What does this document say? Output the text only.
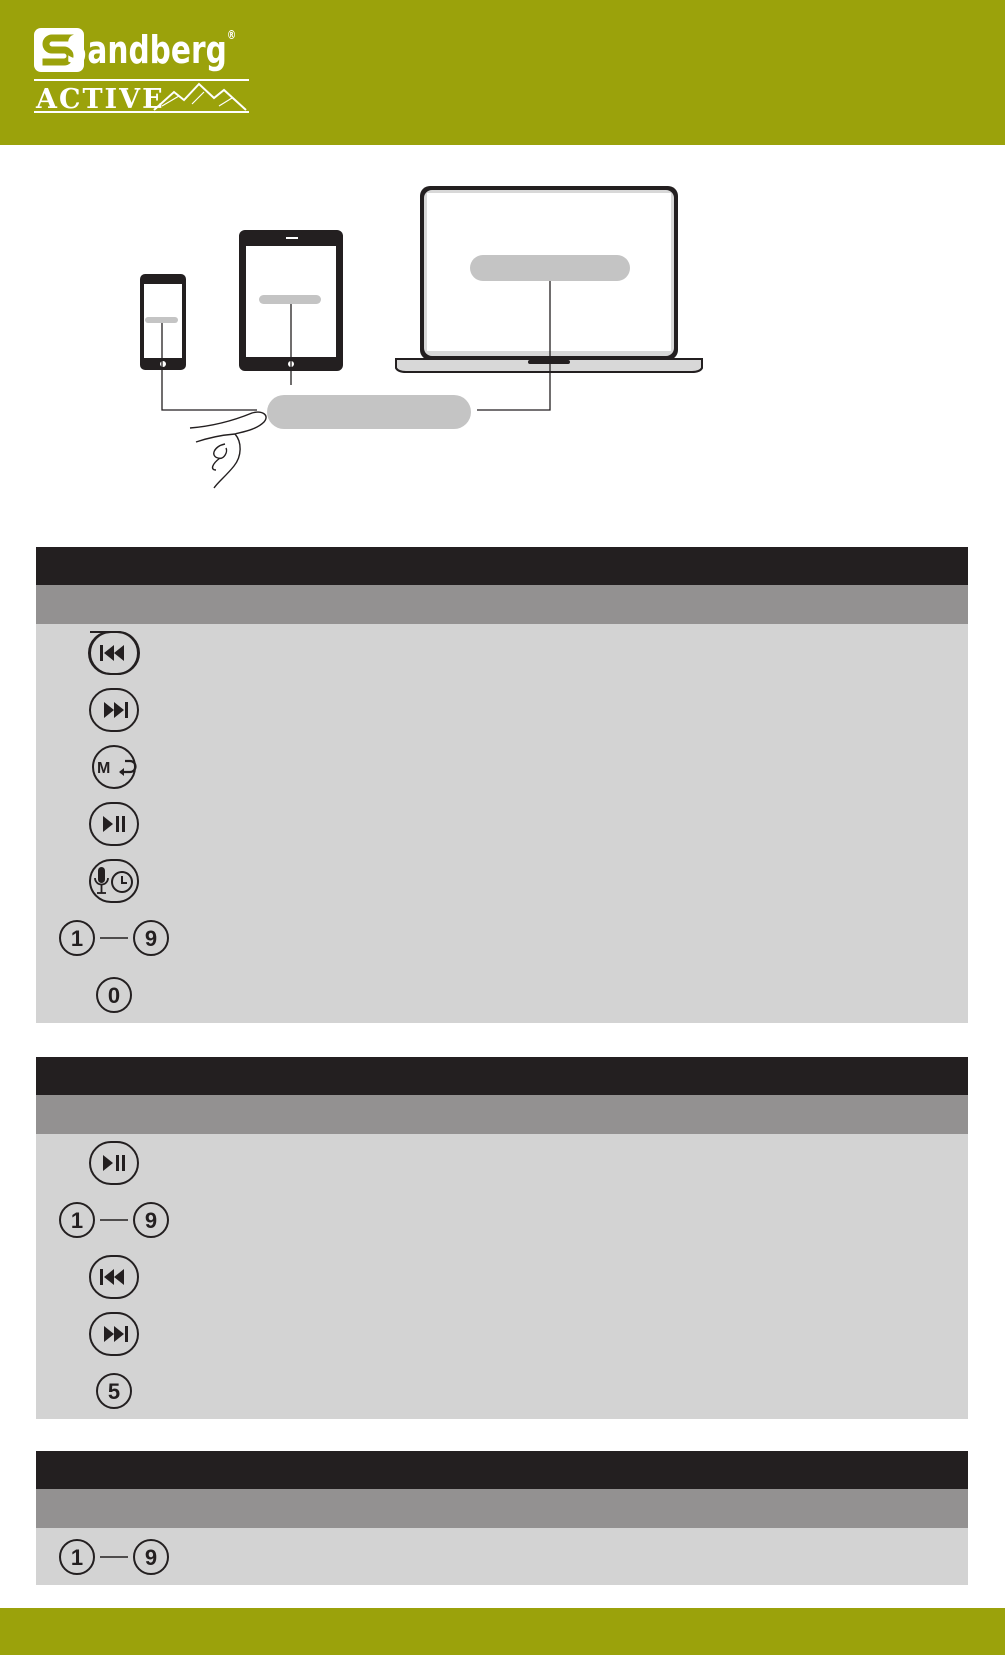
Sandberg®
ACTIVE

M		

1 9		

0		

1 9		

5		

1 9		
